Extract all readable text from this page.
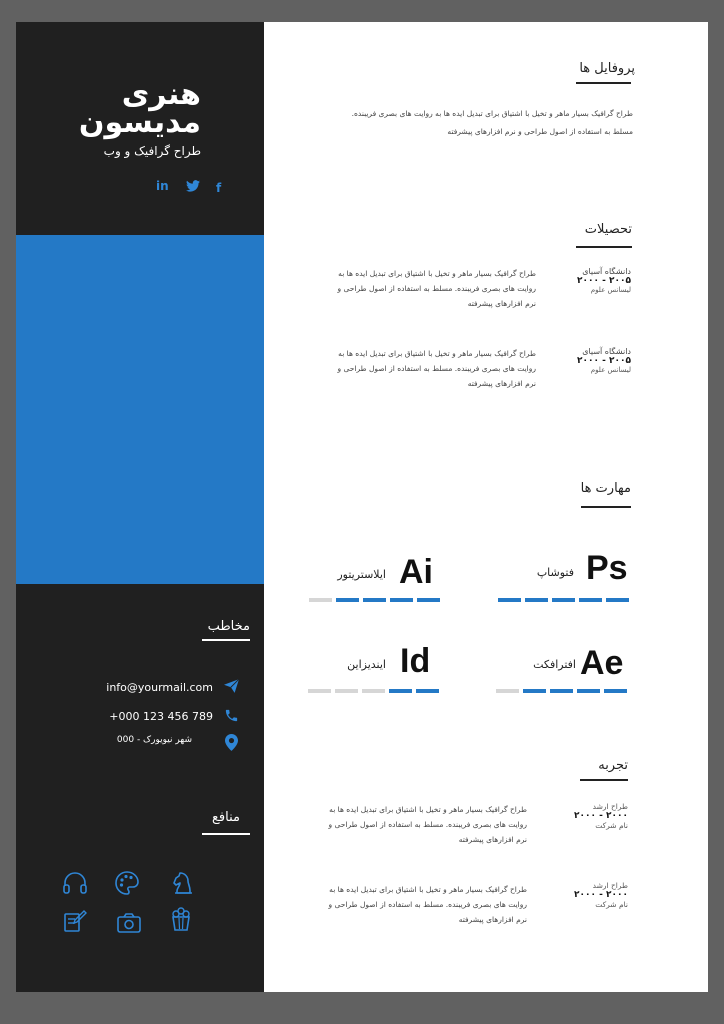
هنری
مدیسون
طراح گرافیک و وب
in	f
مخاطب
info@yourmail.com
+000 123 456 789
شهر نیویورک - 000
منافع
پروفایل ها
طراح گرافیک بسیار ماهر و تخیل با اشتیاق برای تبدیل ایده ها به روایت های بصری فریبنده.
مسلط به استفاده از اصول طراحی و نرم افزارهای پیشرفته
تحصیلات
دانشگاه آسیای
۲۰۰۵ - ۲۰۰۰
لیسانس علوم
طراح گرافیک بسیار ماهر و تخیل با اشتیاق برای تبدیل ایده ها به روایت های بصری فریبنده. مسلط به استفاده از اصول طراحی و نرم افزارهای پیشرفته
دانشگاه آسیای
۲۰۰۵ - ۲۰۰۰
لیسانس علوم
طراح گرافیک بسیار ماهر و تخیل با اشتیاق برای تبدیل ایده ها به روایت های بصری فریبنده. مسلط به استفاده از اصول طراحی و نرم افزارهای پیشرفته
مهارت ها
Ps
فتوشاپ
Ai
ایلاستریتور
Ae
افترافکت
Id
ایندیزاین
تجربه
طراح ارشد
۲۰۰۰ - ۲۰۰۰
نام شرکت
طراح گرافیک بسیار ماهر و تخیل با اشتیاق برای تبدیل ایده ها به روایت های بصری فریبنده. مسلط به استفاده از اصول طراحی و نرم افزارهای پیشرفته
طراح ارشد
۲۰۰۰ - ۲۰۰۰
نام شرکت
طراح گرافیک بسیار ماهر و تخیل با اشتیاق برای تبدیل ایده ها به روایت های بصری فریبنده. مسلط به استفاده از اصول طراحی و نرم افزارهای پیشرفته
